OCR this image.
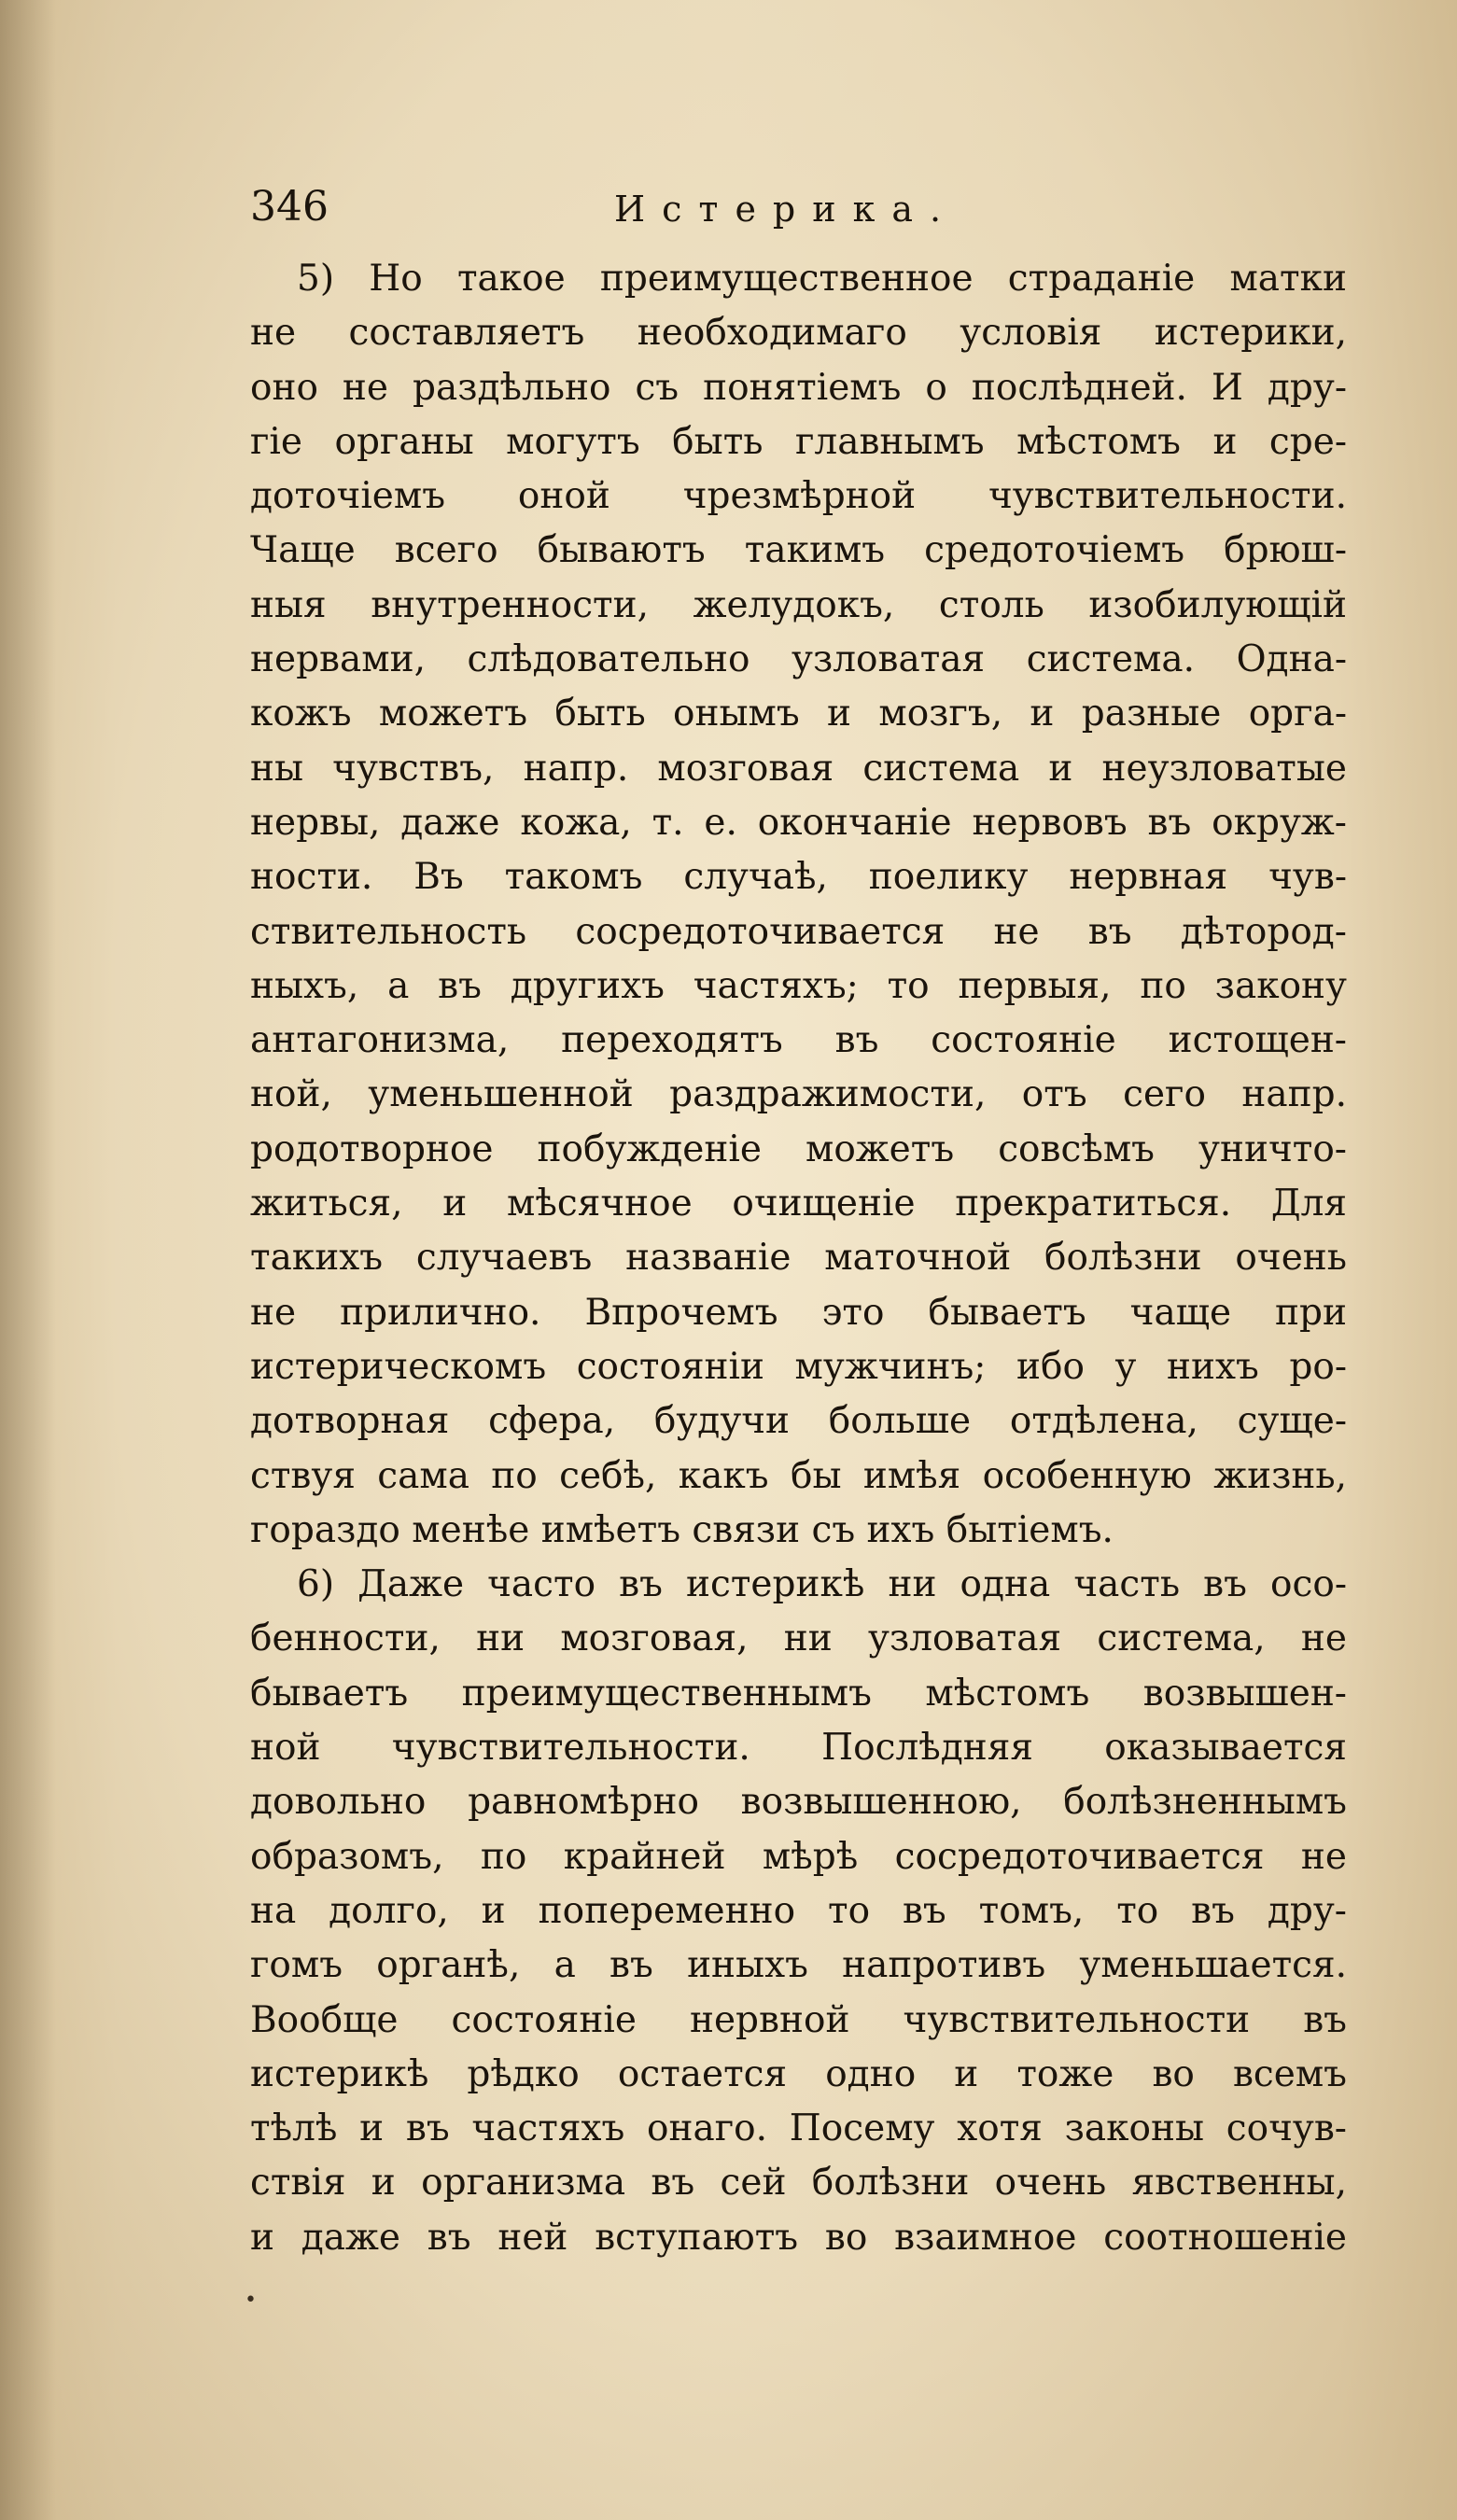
346	Истерика.
5) Но такое преимущественное страданіе матки
не составляетъ необходимаго условія истерики,
оно не раздѣльно съ понятіемъ о послѣдней. И дру-
гіе органы могутъ быть главнымъ мѣстомъ и сре-
доточіемъ оной чрезмѣрной чувствительности.
Чаще всего бываютъ такимъ средоточіемъ брюш-
ныя внутренности, желудокъ, столь изобилующій
нервами, слѣдовательно узловатая система. Одна-
кожъ можетъ быть онымъ и мозгъ, и разные орга-
ны чувствъ, напр. мозговая система и неузловатые
нервы, даже кожа, т. е. окончаніе нервовъ въ окруж-
ности. Въ такомъ случаѣ, поелику нервная чув-
ствительность сосредоточивается не въ дѣтород-
ныхъ, а въ другихъ частяхъ; то первыя, по закону
антагонизма, переходятъ въ состояніе истощен-
ной, уменьшенной раздражимости, отъ сего напр.
родотворное побужденіе можетъ совсѣмъ уничто-
житься, и мѣсячное очищеніе прекратиться. Для
такихъ случаевъ названіе маточной болѣзни очень
не прилично. Впрочемъ это бываетъ чаще при
истерическомъ состояніи мужчинъ; ибо у нихъ ро-
дотворная сфера, будучи больше отдѣлена, суще-
ствуя сама по себѣ, какъ бы имѣя особенную жизнь,
гораздо менѣе имѣетъ связи съ ихъ бытіемъ.
6) Даже часто въ истерикѣ ни одна часть въ осо-
бенности, ни мозговая, ни узловатая система, не
бываетъ преимущественнымъ мѣстомъ возвышен-
ной чувствительности. Послѣдняя оказывается
довольно равномѣрно возвышенною, болѣзненнымъ
образомъ, по крайней мѣрѣ сосредоточивается не
на долго, и попеременно то въ томъ, то въ дру-
гомъ органѣ, а въ иныхъ напротивъ уменьшается.
Вообще состояніе нервной чувствительности въ
истерикѣ рѣдко остается одно и тоже во всемъ
тѣлѣ и въ частяхъ онаго. Посему хотя законы сочув-
ствія и организма въ сей болѣзни очень явственны,
и даже въ ней вступаютъ во взаимное соотношеніе
•
